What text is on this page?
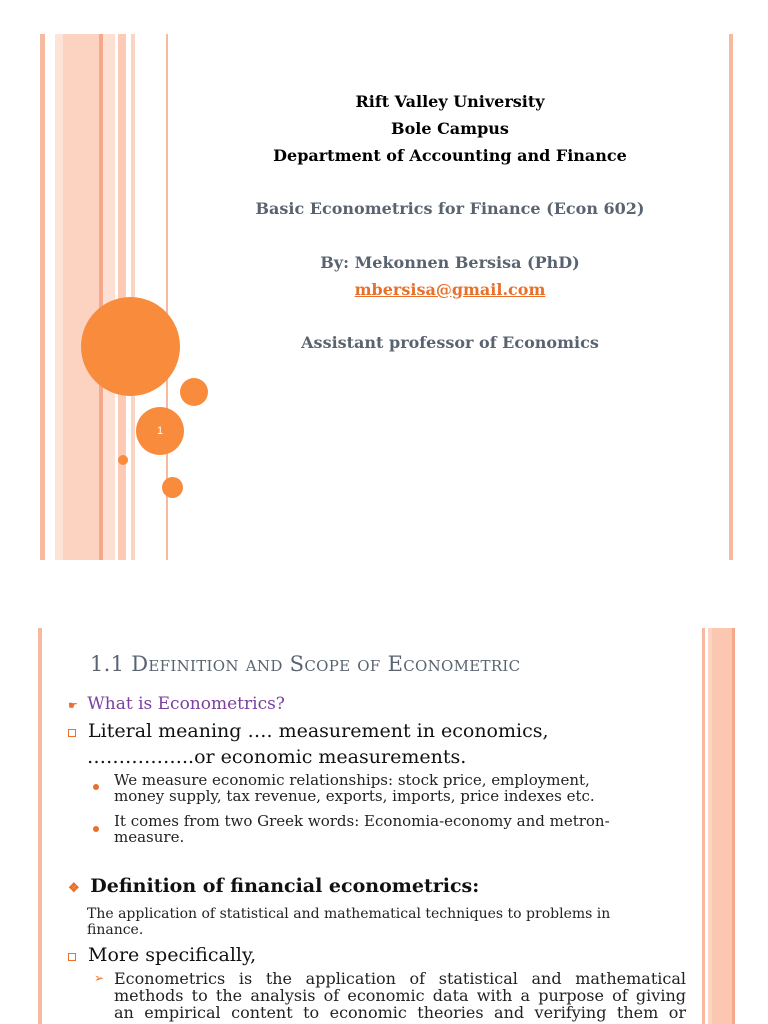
Rift Valley University
Bole Campus
Department of Accounting and Finance
Basic Econometrics for Finance (Econ 602)
By: Mekonnen Bersisa (PhD)
mbersisa@gmail.com
Assistant professor of Economics
1
1.1 Definition and Scope of Econometric
☛ What is Econometrics?
Literal meaning …. measurement in economics,
……………..or economic measurements.
We measure economic relationships: stock price, employment,
money supply, tax revenue, exports, imports, price indexes etc.
It comes from two Greek words: Economia-economy and metron-
measure.
❖ Definition of financial econometrics:
The application of statistical and mathematical techniques to problems in
finance.
More specifically,
➢ Econometrics is the application of statistical and mathematical
methods to the analysis of economic data with a purpose of giving
an empirical content to economic theories and verifying them or
